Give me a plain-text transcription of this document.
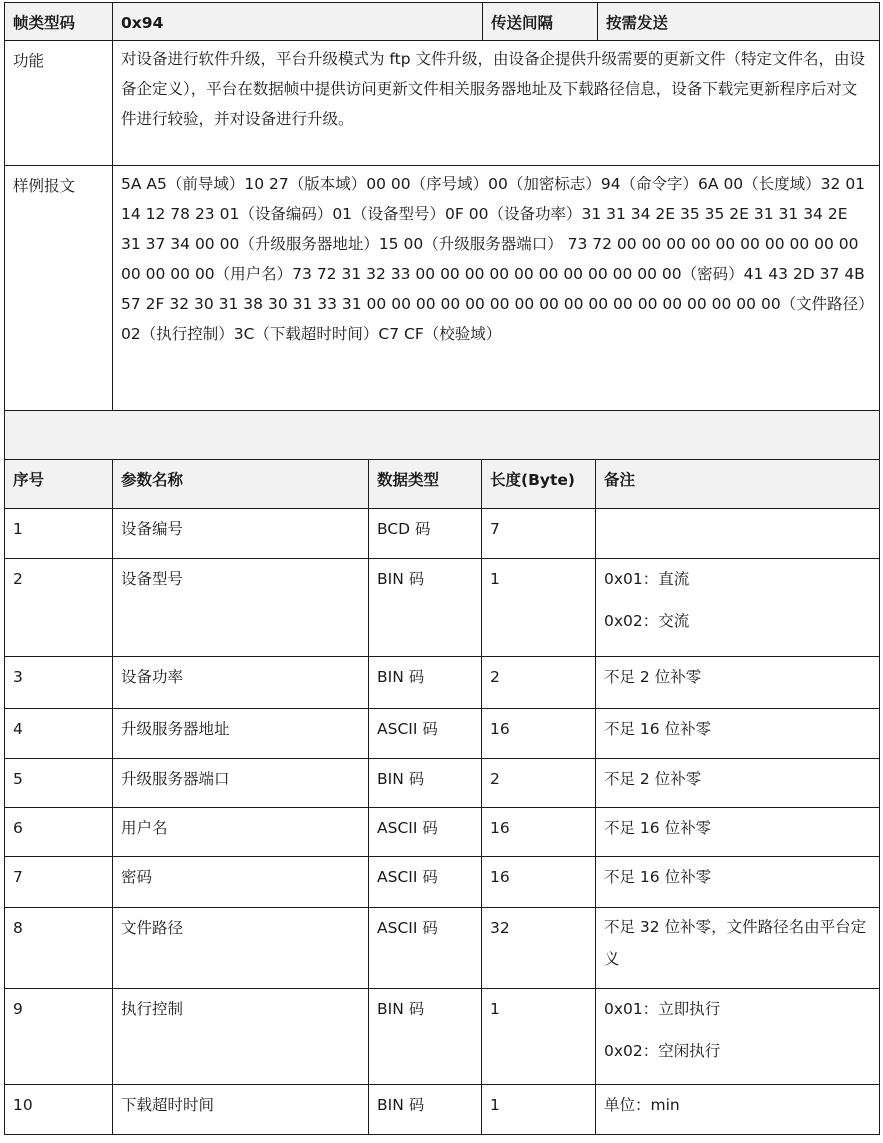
帧类型码	0x94	传送间隔	按需发送
功能	对设备进行软件升级，平台升级模式为 ftp 文件升级，由设备企提供升级需要的更新文件（特定文件名，由设备企定义），平台在数据帧中提供访问更新文件相关服务器地址及下载路径信息，设备下载完更新程序后对文件进行较验，并对设备进行升级。
样例报文	5A A5（前导域）10 27（版本域）00 00（序号域）00（加密标志）94（命令字）6A 00（长度域）32 01 14 12 78 23 01（设备编码）01（设备型号）0F 00（设备功率）31 31 34 2E 35 35 2E 31 31 34 2E 31 37 34 00 00（升级服务器地址）15 00（升级服务器端口） 73 72 00 00 00 00 00 00 00 00 00 00 00 00 00 00（用户名）73 72 31 32 33 00 00 00 00 00 00 00 00 00 00 00（密码）41 43 2D 37 4B 57 2F 32 30 31 38 30 31 33 31 00 00 00 00 00 00 00 00 00 00 00 00 00 00 00 00 00（文件路径）02（执行控制）3C（下载超时时间）C7 CF（校验域）
序号	参数名称	数据类型	长度(Byte)	备注
1	设备编号	BCD 码	7
2	设备型号	BIN 码	1	0x01：直流
0x02：交流
3	设备功率	BIN 码	2	不足 2 位补零
4	升级服务器地址	ASCII 码	16	不足 16 位补零
5	升级服务器端口	BIN 码	2	不足 2 位补零
6	用户名	ASCII 码	16	不足 16 位补零
7	密码	ASCII 码	16	不足 16 位补零
8	文件路径	ASCII 码	32	不足 32 位补零，文件路径名由平台定义
9	执行控制	BIN 码	1	0x01：立即执行
0x02：空闲执行
10	下载超时时间	BIN 码	1	单位：min
